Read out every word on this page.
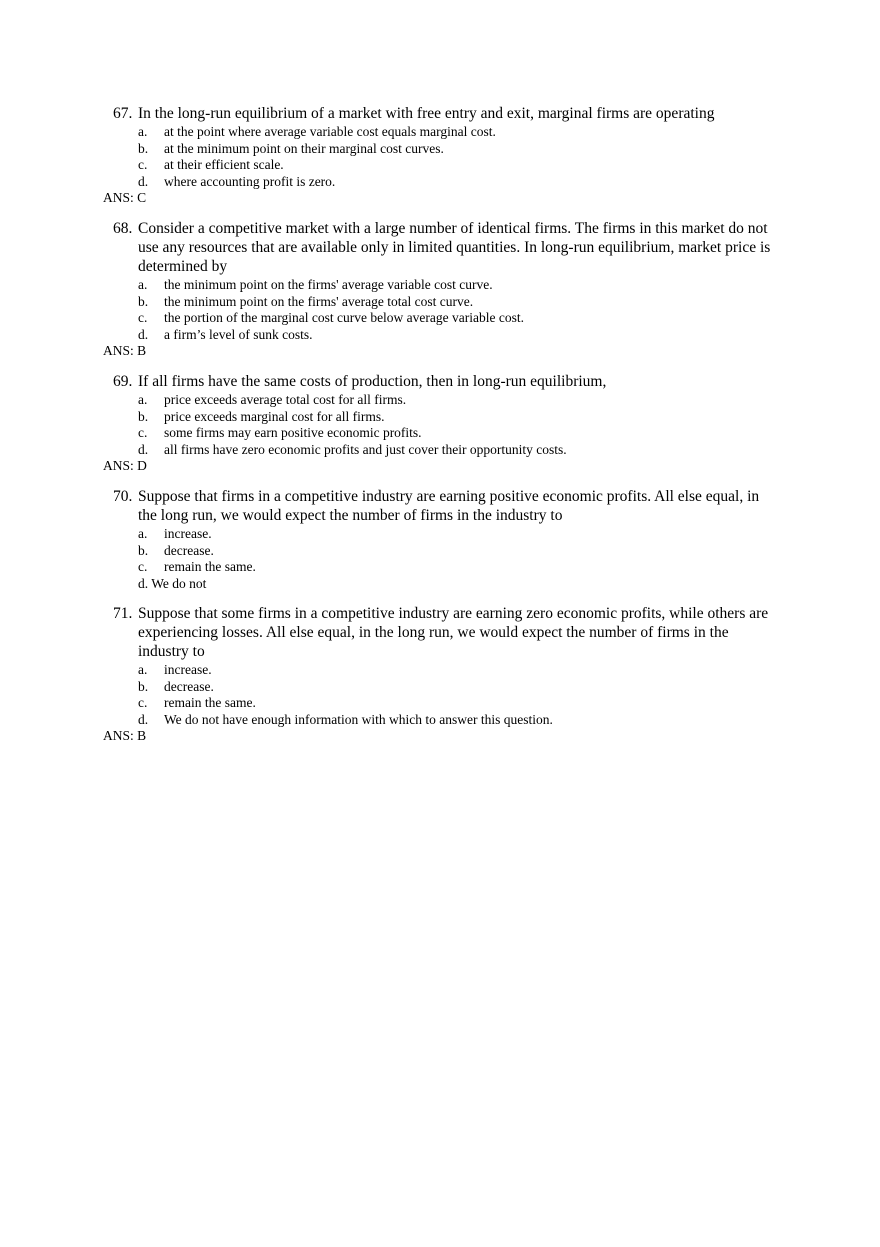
67. In the long-run equilibrium of a market with free entry and exit, marginal firms are operating
a. at the point where average variable cost equals marginal cost.
b. at the minimum point on their marginal cost curves.
c. at their efficient scale.
d. where accounting profit is zero.
ANS: C
68. Consider a competitive market with a large number of identical firms. The firms in this market do not use any resources that are available only in limited quantities. In long-run equilibrium, market price is determined by
a. the minimum point on the firms' average variable cost curve.
b. the minimum point on the firms' average total cost curve.
c. the portion of the marginal cost curve below average variable cost.
d. a firm’s level of sunk costs.
ANS: B
69. If all firms have the same costs of production, then in long-run equilibrium,
a. price exceeds average total cost for all firms.
b. price exceeds marginal cost for all firms.
c. some firms may earn positive economic profits.
d. all firms have zero economic profits and just cover their opportunity costs.
ANS: D
70. Suppose that firms in a competitive industry are earning positive economic profits. All else equal, in the long run, we would expect the number of firms in the industry to
a. increase.
b. decrease.
c. remain the same.
d. We do not
71. Suppose that some firms in a competitive industry are earning zero economic profits, while others are experiencing losses. All else equal, in the long run, we would expect the number of firms in the industry to
a. increase.
b. decrease.
c. remain the same.
d. We do not have enough information with which to answer this question.
ANS: B
